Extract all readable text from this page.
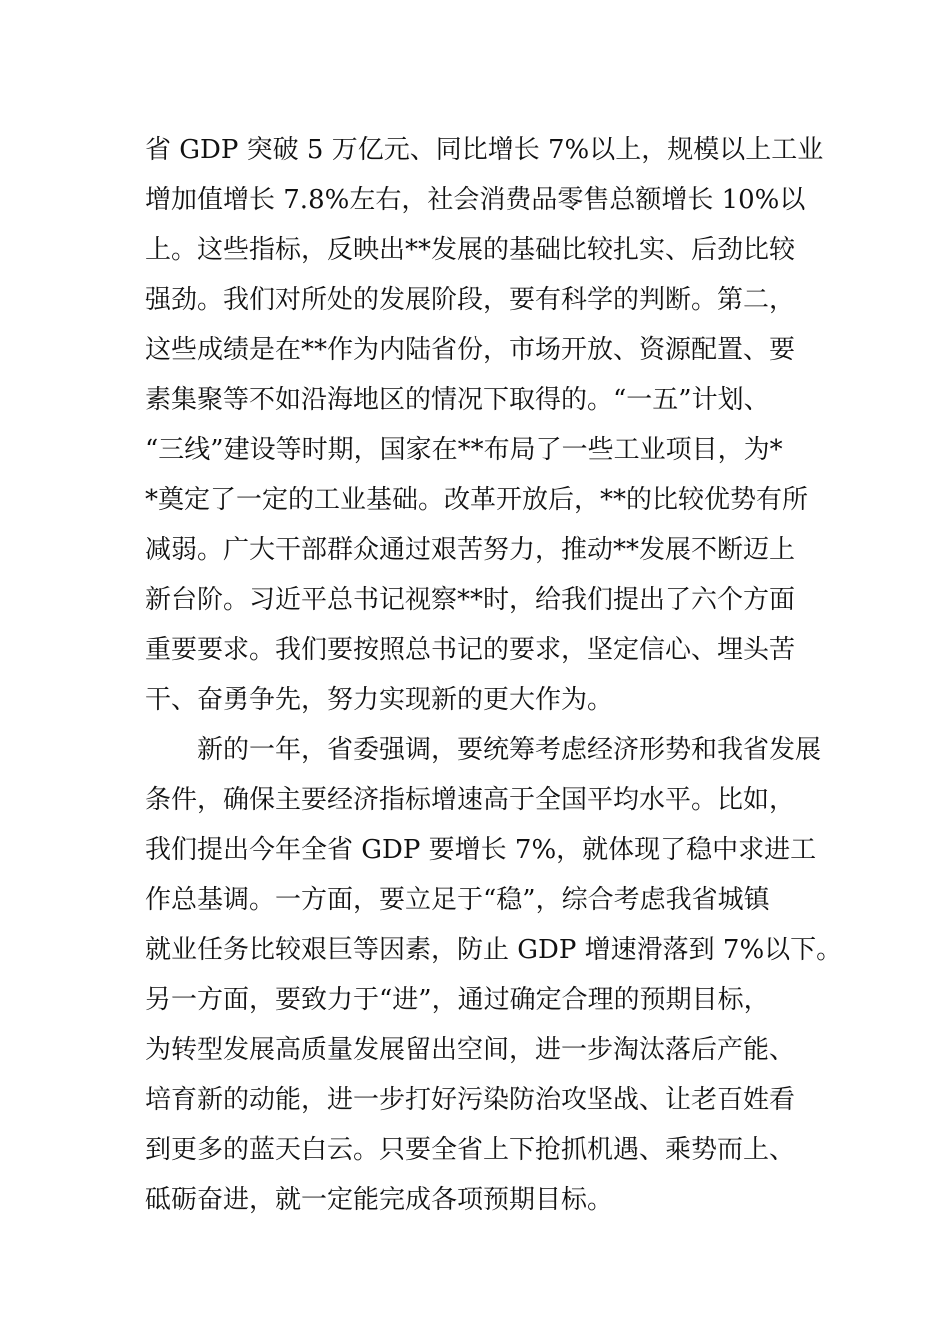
省 GDP 突破 5 万亿元、同比增长 7%以上，规模以上工业
增加值增长 7.8%左右，社会消费品零售总额增长 10%以
上。这些指标，反映出**发展的基础比较扎实、后劲比较
强劲。我们对所处的发展阶段，要有科学的判断。第二，
这些成绩是在**作为内陆省份，市场开放、资源配置、要
素集聚等不如沿海地区的情况下取得的。“一五”计划、
“三线”建设等时期，国家在**布局了一些工业项目，为*
*奠定了一定的工业基础。改革开放后，**的比较优势有所
减弱。广大干部群众通过艰苦努力，推动**发展不断迈上
新台阶。习近平总书记视察**时，给我们提出了六个方面
重要要求。我们要按照总书记的要求，坚定信心、埋头苦
干、奋勇争先，努力实现新的更大作为。
　　新的一年，省委强调，要统筹考虑经济形势和我省发展
条件，确保主要经济指标增速高于全国平均水平。比如，
我们提出今年全省 GDP 要增长 7%，就体现了稳中求进工
作总基调。一方面，要立足于“稳”，综合考虑我省城镇
就业任务比较艰巨等因素，防止 GDP 增速滑落到 7%以下。
另一方面，要致力于“进”，通过确定合理的预期目标，
为转型发展高质量发展留出空间，进一步淘汰落后产能、
培育新的动能，进一步打好污染防治攻坚战、让老百姓看
到更多的蓝天白云。只要全省上下抢抓机遇、乘势而上、
砥砺奋进，就一定能完成各项预期目标。
